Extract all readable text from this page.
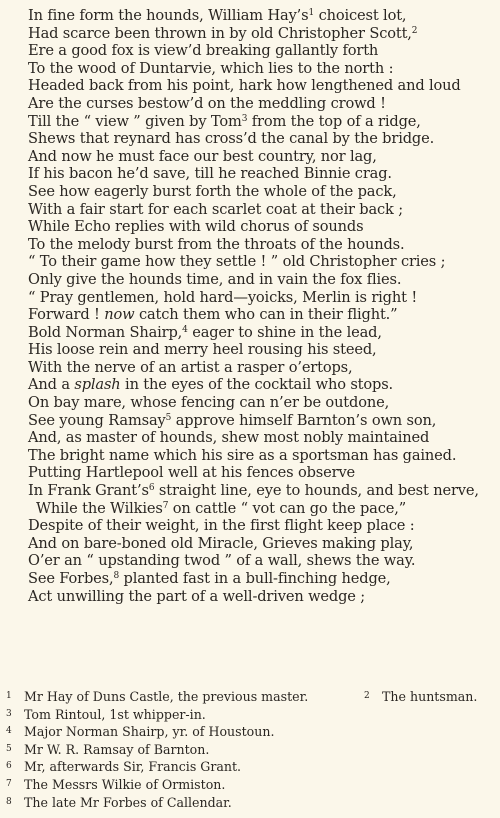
In fine form the hounds, William Hay’s$^1$ choicest lot,
Had scarce been thrown in by old Christopher Scott,$^2$
Ere a good fox is view’d breaking gallantly forth
To the wood of Duntarvie, which lies to the north :
Headed back from his point, hark how lengthened and loud
Are the curses bestow’d on the meddling crowd !
Till the “ view ” given by Tom$^3$ from the top of a ridge,
Shews that reynard has cross’d the canal by the bridge.
And now he must face our best country, nor lag,
If his bacon he’d save, till he reached Binnie crag.
See how eagerly burst forth the whole of the pack,
With a fair start for each scarlet coat at their back ;
While Echo replies with wild chorus of sounds
To the melody burst from the throats of the hounds.
“ To their game how they settle ! ” old Christopher cries ;
Only give the hounds time, and in vain the fox flies.
“ Pray gentlemen, hold hard—yoicks, Merlin is right !
Forward ! now catch them who can in their flight.”
Bold Norman Shairp,$^4$ eager to shine in the lead,
His loose rein and merry heel rousing his steed,
With the nerve of an artist a rasper o’ertops,
And a splash in the eyes of the cocktail who stops.
On bay mare, whose fencing can n’er be outdone,
See young Ramsay$^5$ approve himself Barnton’s own son,
And, as master of hounds, shew most nobly maintained
The bright name which his sire as a sportsman has gained.
Putting Hartlepool well at his fences observe
In Frank Grant’s$^6$ straight line, eye to hounds, and best nerve,
While the Wilkies$^7$ on cattle “ vot can go the pace,”
Despite of their weight, in the first flight keep place :
And on bare-boned old Miracle, Grieves making play,
O’er an “ upstanding twod ” of a wall, shews the way.
See Forbes,$^8$ planted fast in a bull-finching hedge,
Act unwilling the part of a well-driven wedge ;
1 Mr Hay of Duns Castle, the previous master.	2 The huntsman.
3 Tom Rintoul, 1st whipper-in.
4 Major Norman Shairp, yr. of Houstoun.
5 Mr W. R. Ramsay of Barnton.
6 Mr, afterwards Sir, Francis Grant.
7 The Messrs Wilkie of Ormiston.
8 The late Mr Forbes of Callendar.
